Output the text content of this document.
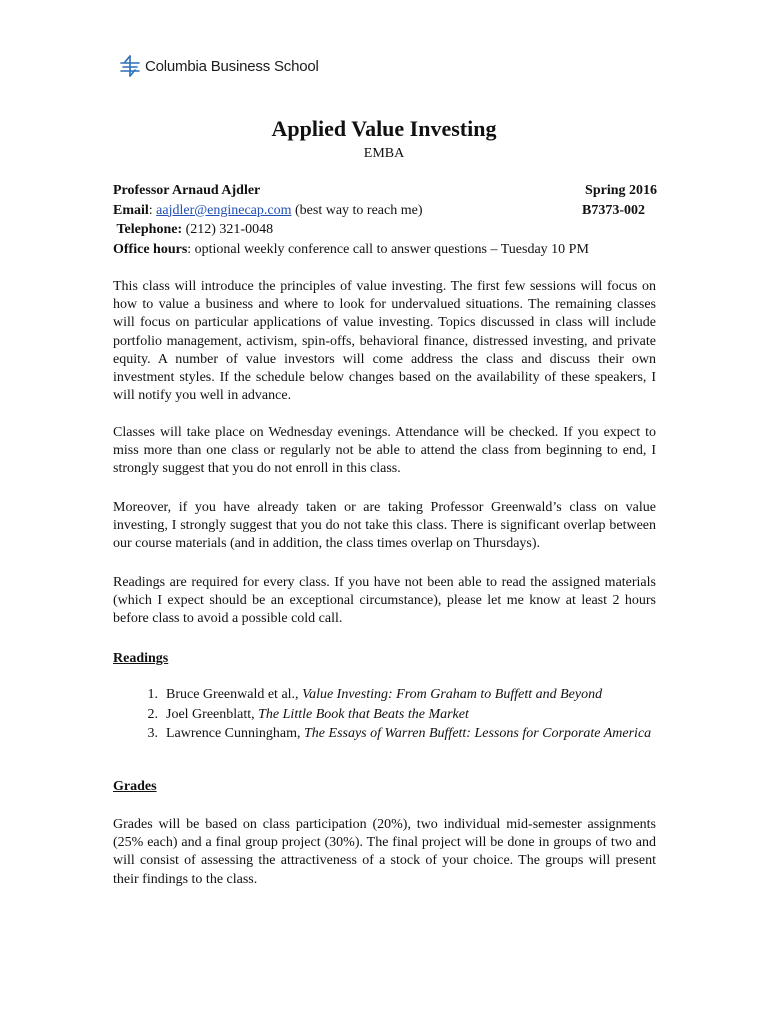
Columbia Business School
Applied Value Investing
EMBA
Professor Arnaud Ajdler	Spring 2016
Email: aajdler@enginecap.com (best way to reach me)	B7373-002
Telephone: (212) 321-0048
Office hours: optional weekly conference call to answer questions – Tuesday 10 PM

This class will introduce the principles of value investing. The first few sessions will focus on how to value a business and where to look for undervalued situations. The remaining classes will focus on particular applications of value investing. Topics discussed in class will include portfolio management, activism, spin-offs, behavioral finance, distressed investing, and private equity. A number of value investors will come address the class and discuss their own investment styles. If the schedule below changes based on the availability of these speakers, I will notify you well in advance.

Classes will take place on Wednesday evenings. Attendance will be checked. If you expect to miss more than one class or regularly not be able to attend the class from beginning to end, I strongly suggest that you do not enroll in this class.

Moreover, if you have already taken or are taking Professor Greenwald’s class on value investing, I strongly suggest that you do not take this class. There is significant overlap between our course materials (and in addition, the class times overlap on Thursdays).

Readings are required for every class. If you have not been able to read the assigned materials (which I expect should be an exceptional circumstance), please let me know at least 2 hours before class to avoid a possible cold call.

Readings
1. Bruce Greenwald et al., Value Investing: From Graham to Buffett and Beyond
2. Joel Greenblatt, The Little Book that Beats the Market
3. Lawrence Cunningham, The Essays of Warren Buffett: Lessons for Corporate America
Grades

Grades will be based on class participation (20%), two individual mid-semester assignments (25% each) and a final group project (30%). The final project will be done in groups of two and will consist of assessing the attractiveness of a stock of your choice. The groups will present their findings to the class.
